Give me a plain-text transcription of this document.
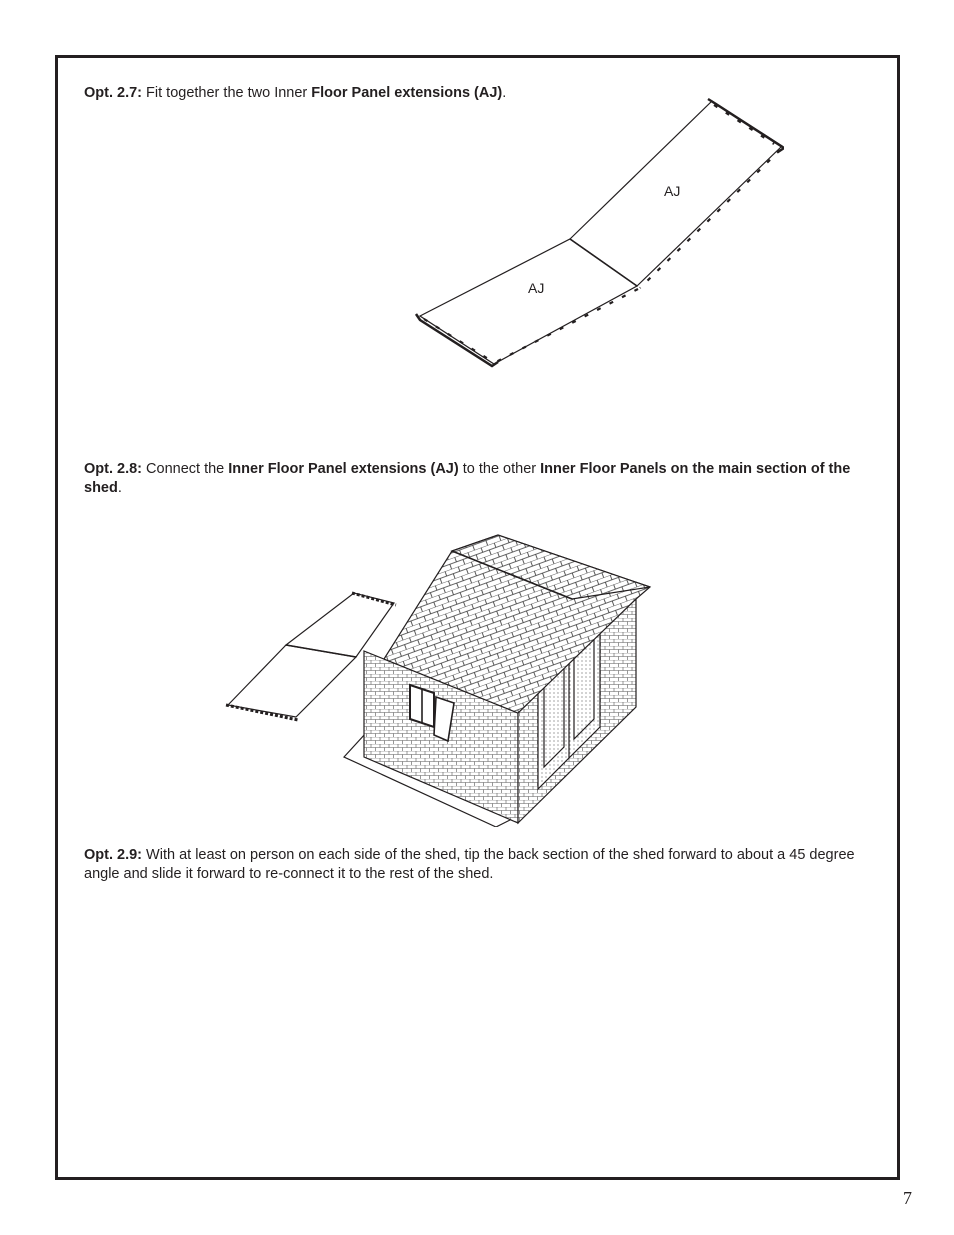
Opt. 2.7: Fit together the two Inner Floor Panel extensions (AJ).
AJ
AJ
Opt. 2.8: Connect the Inner Floor Panel extensions (AJ) to the other Inner Floor Panels on the main section of the shed.
Opt. 2.9: With at least on person on each side of the shed, tip the back section of the shed forward to about a 45 degree angle and slide it forward to re-connect it to the rest of the shed.
7
